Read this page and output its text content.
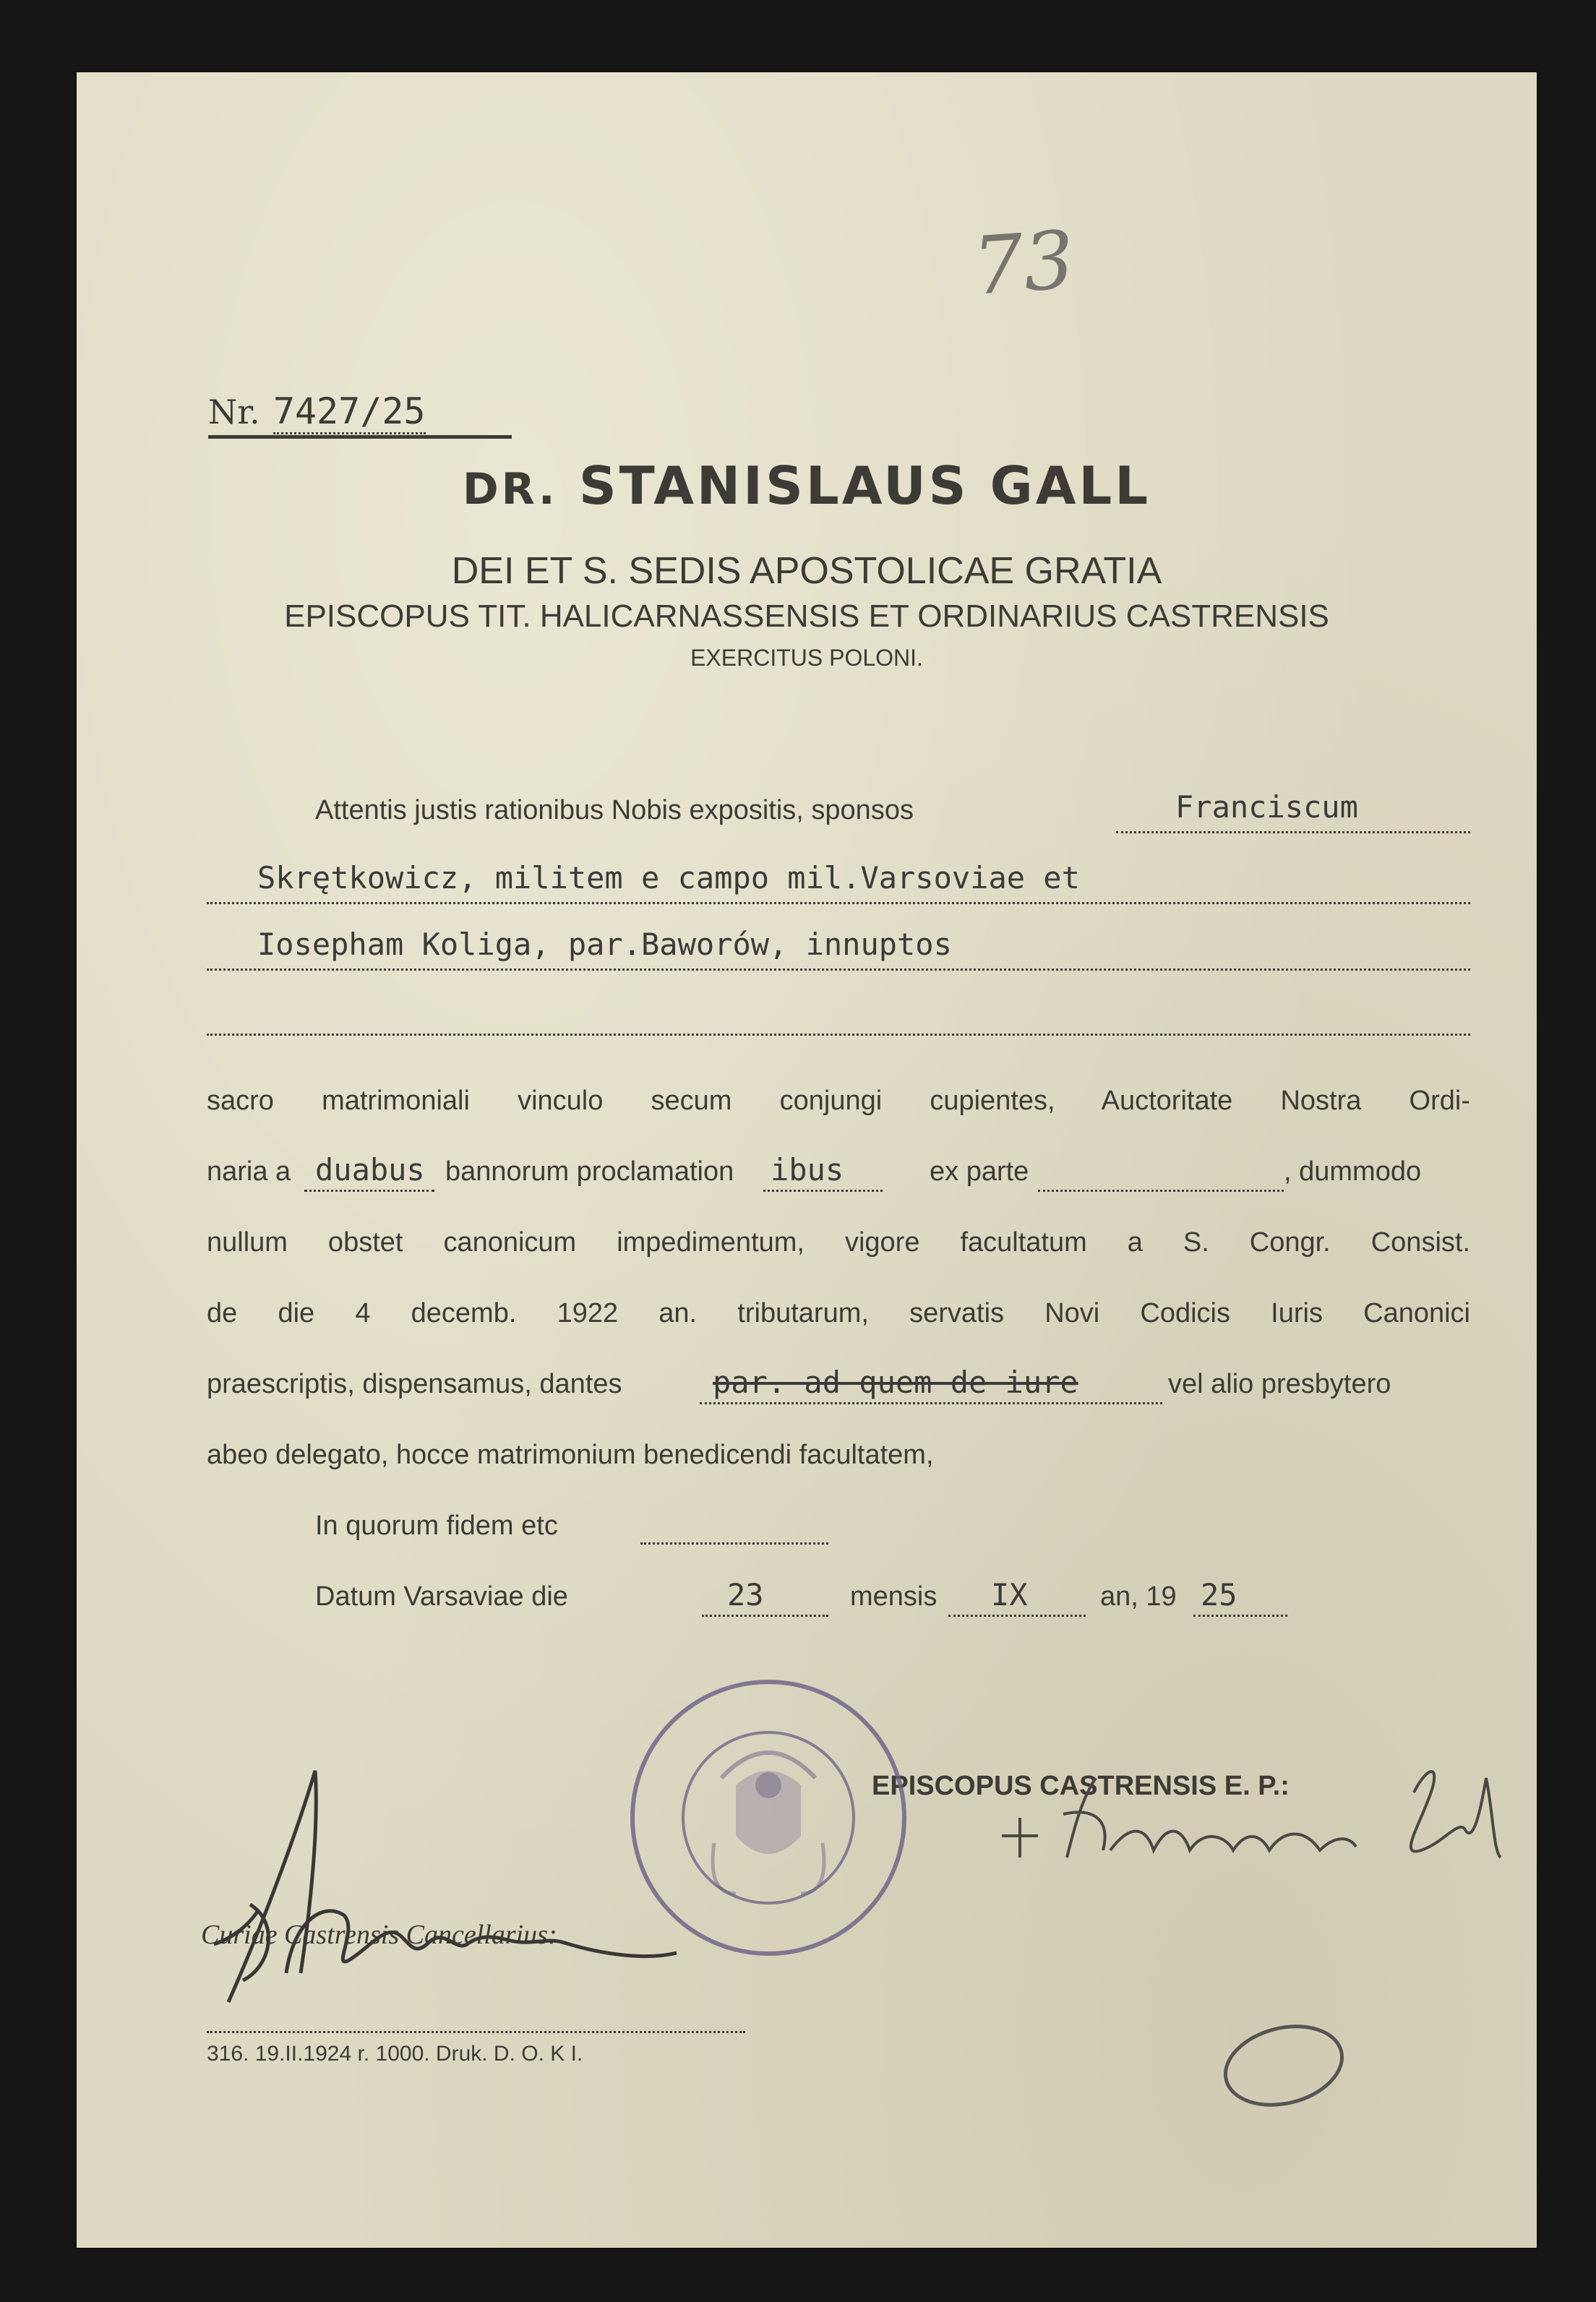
73
Nr. 7427/25
DR. STANISLAUS GALL
DEI ET S. SEDIS APOSTOLICAE GRATIA
EPISCOPUS TIT. HALICARNASSENSIS ET ORDINARIUS CASTRENSIS
EXERCITUS POLONI.
Attentis justis rationibus Nobis expositis, sponsos	Franciscum
Skrętkowicz, militem e campo mil.Varsoviae et
Iosepham Koliga, par.Baworów, innuptos
sacro matrimoniali vinculo secum conjungi cupientes, Auctoritate Nostra Ordi-
naria a duabus bannorum proclamation ibus	ex parte	, dummodo
nullum obstet canonicum impedimentum, vigore facultatum a S. Congr. Consist.
de die 4 decemb. 1922 an. tributarum, servatis Novi Codicis Iuris Canonici
praescriptis, dispensamus, dantes	par. ad quem de iure	vel alio presbytero
abeo delegato, hocce matrimonium benedicendi facultatem,
In quorum fidem etc
Datum Varsaviae die	23	mensis IX	an, 19 25
EPISCOPUS CASTRENSIS E. P.:
Curiae Castrensis Cancellarius:
316. 19.II.1924 r. 1000. Druk. D. O. K I.
